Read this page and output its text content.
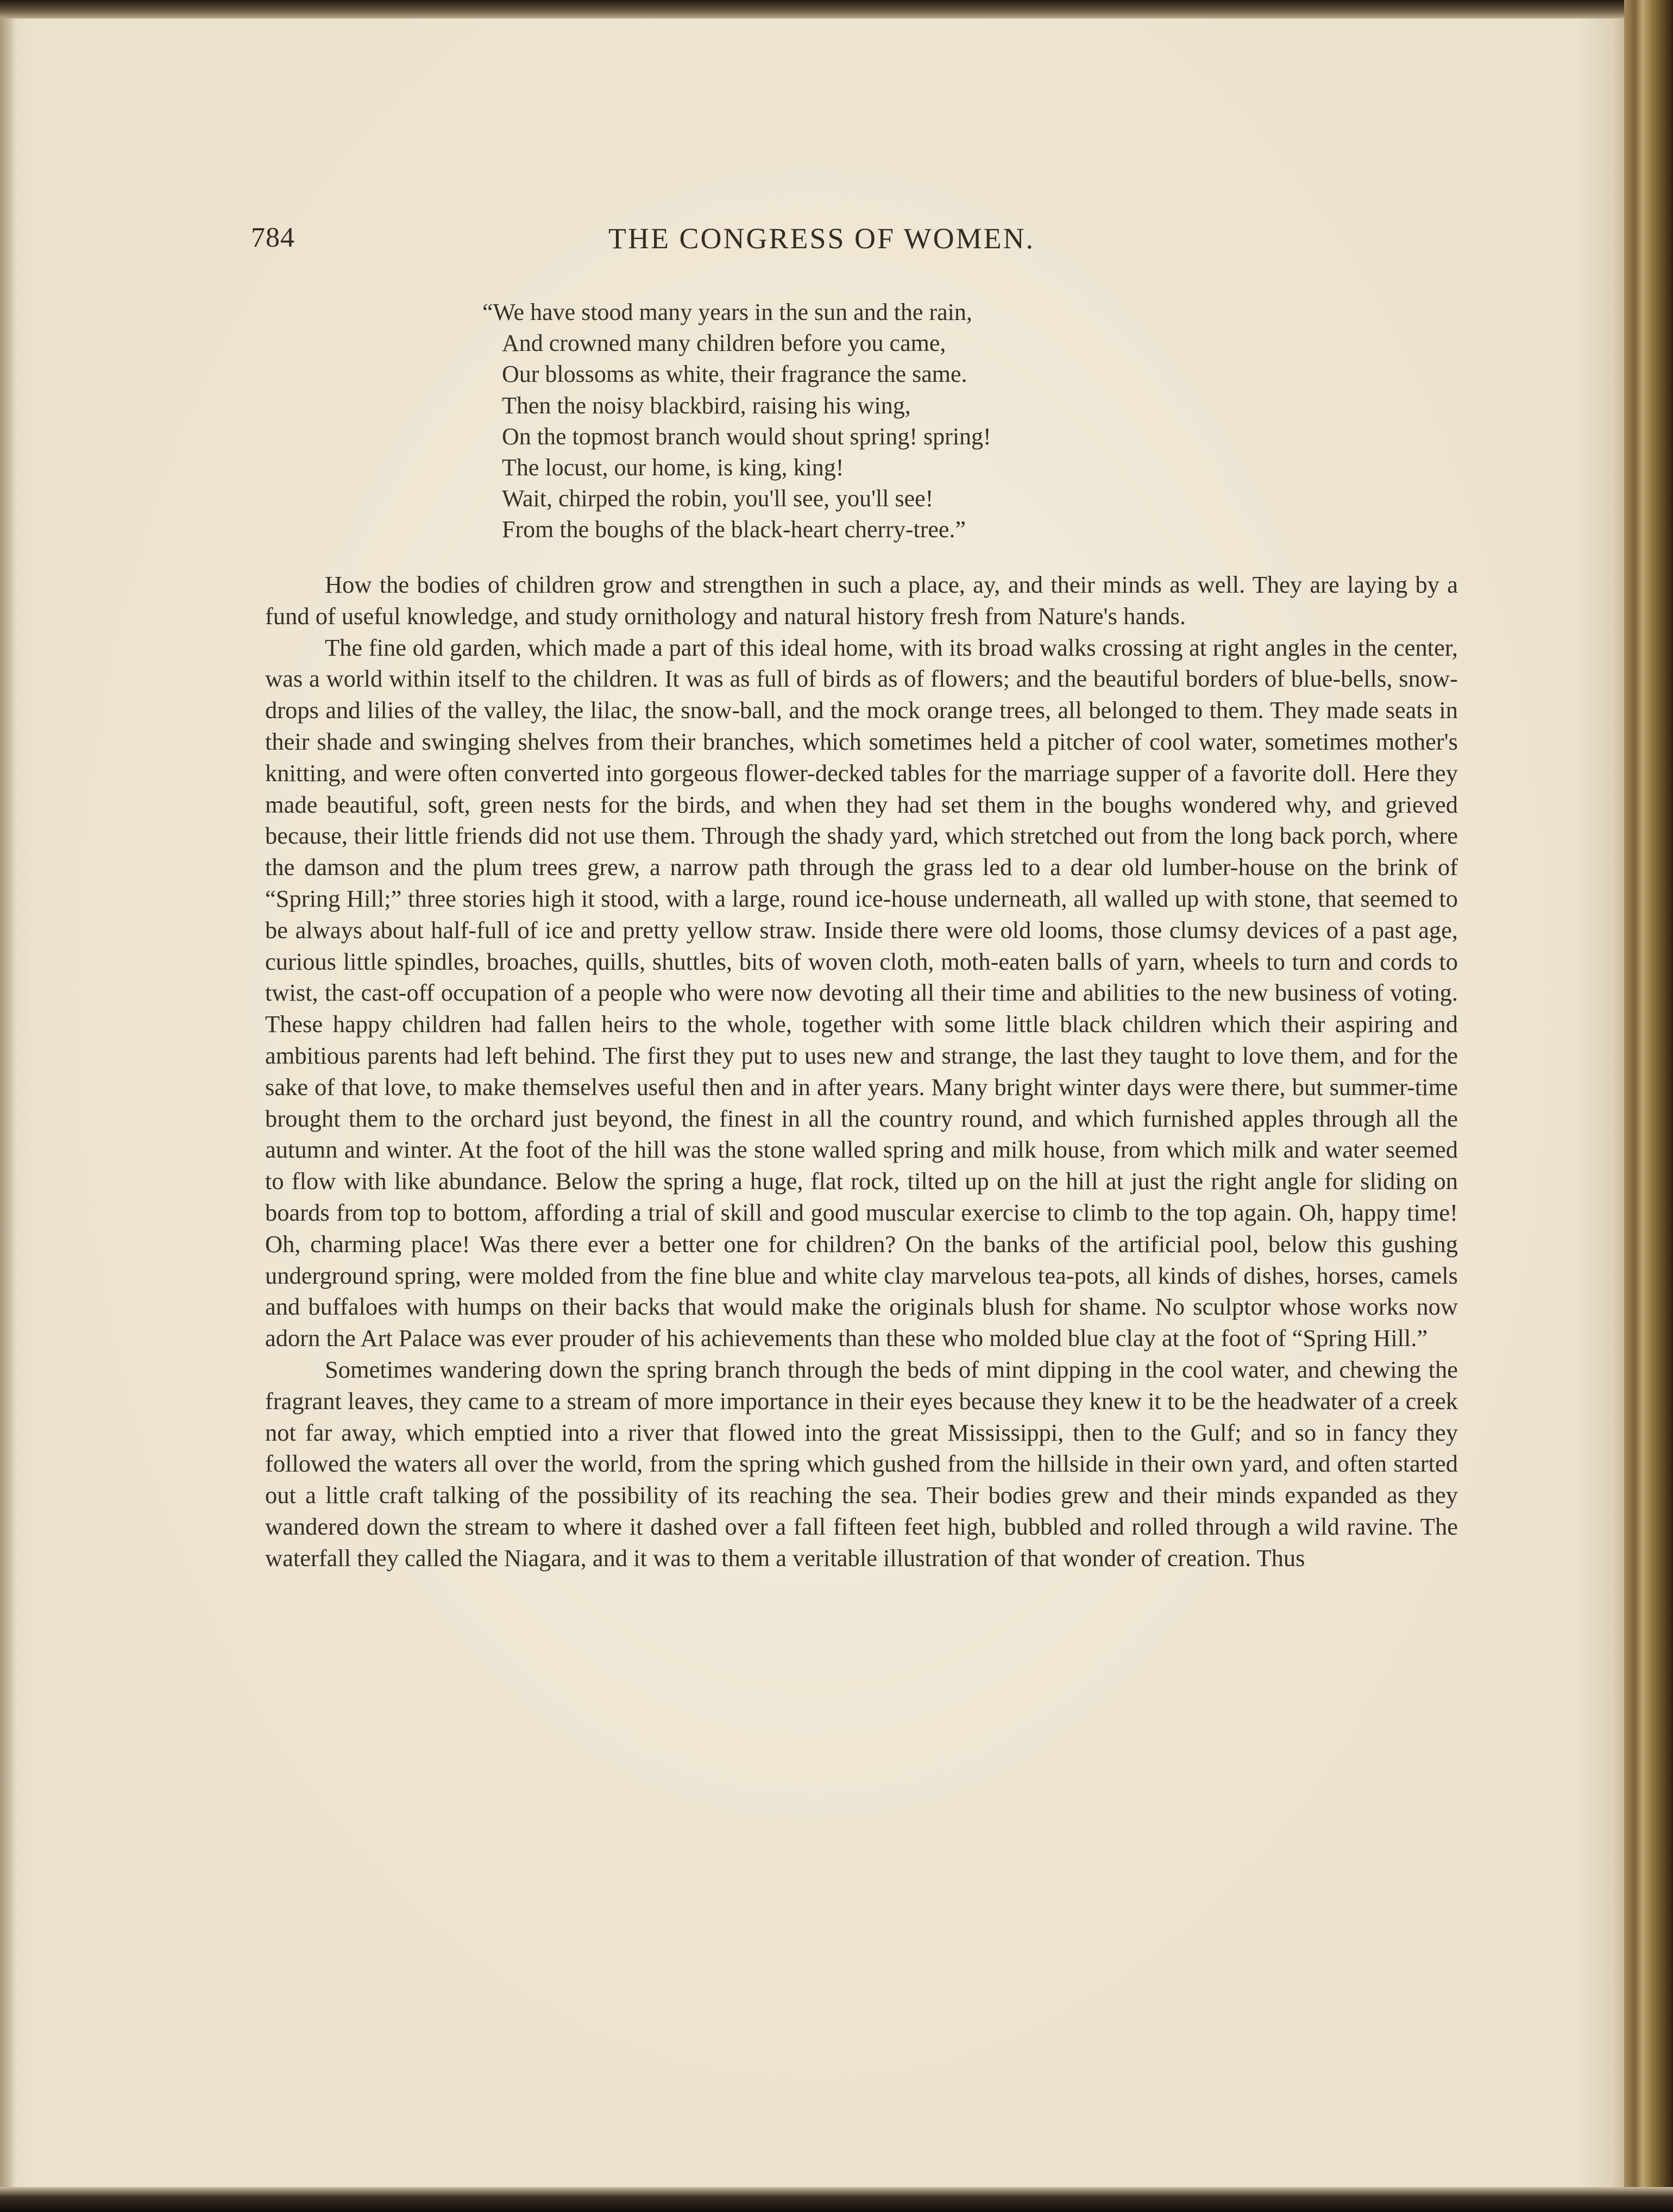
784	THE CONGRESS OF WOMEN.
“We have stood many years in the sun and the rain,
And crowned many children before you came,
Our blossoms as white, their fragrance the same.
Then the noisy blackbird, raising his wing,
On the topmost branch would shout spring! spring!
The locust, our home, is king, king!
Wait, chirped the robin, you'll see, you'll see!
From the boughs of the black-heart cherry-tree.”

How the bodies of children grow and strengthen in such a place, ay, and their minds as well. They are laying by a fund of useful knowledge, and study ornithology and natural history fresh from Nature's hands.

The fine old garden, which made a part of this ideal home, with its broad walks crossing at right angles in the center, was a world within itself to the children. It was as full of birds as of flowers; and the beautiful borders of blue-bells, snow-drops and lilies of the valley, the lilac, the snow-ball, and the mock orange trees, all belonged to them. They made seats in their shade and swinging shelves from their branches, which sometimes held a pitcher of cool water, sometimes mother's knitting, and were often converted into gorgeous flower-decked tables for the marriage supper of a favorite doll. Here they made beautiful, soft, green nests for the birds, and when they had set them in the boughs wondered why, and grieved because, their little friends did not use them. Through the shady yard, which stretched out from the long back porch, where the damson and the plum trees grew, a narrow path through the grass led to a dear old lumber-house on the brink of “Spring Hill;” three stories high it stood, with a large, round ice-house underneath, all walled up with stone, that seemed to be always about half-full of ice and pretty yellow straw. Inside there were old looms, those clumsy devices of a past age, curious little spindles, broaches, quills, shuttles, bits of woven cloth, moth-eaten balls of yarn, wheels to turn and cords to twist, the cast-off occupation of a people who were now devoting all their time and abilities to the new business of voting. These happy children had fallen heirs to the whole, together with some little black children which their aspiring and ambitious parents had left behind. The first they put to uses new and strange, the last they taught to love them, and for the sake of that love, to make themselves useful then and in after years. Many bright winter days were there, but summer-time brought them to the orchard just beyond, the finest in all the country round, and which furnished apples through all the autumn and winter. At the foot of the hill was the stone walled spring and milk house, from which milk and water seemed to flow with like abundance. Below the spring a huge, flat rock, tilted up on the hill at just the right angle for sliding on boards from top to bottom, affording a trial of skill and good muscular exercise to climb to the top again. Oh, happy time! Oh, charming place! Was there ever a better one for children? On the banks of the artificial pool, below this gushing underground spring, were molded from the fine blue and white clay marvelous tea-pots, all kinds of dishes, horses, camels and buffaloes with humps on their backs that would make the originals blush for shame. No sculptor whose works now adorn the Art Palace was ever prouder of his achievements than these who molded blue clay at the foot of “Spring Hill.”

Sometimes wandering down the spring branch through the beds of mint dipping in the cool water, and chewing the fragrant leaves, they came to a stream of more importance in their eyes because they knew it to be the headwater of a creek not far away, which emptied into a river that flowed into the great Mississippi, then to the Gulf; and so in fancy they followed the waters all over the world, from the spring which gushed from the hillside in their own yard, and often started out a little craft talking of the possibility of its reaching the sea. Their bodies grew and their minds expanded as they wandered down the stream to where it dashed over a fall fifteen feet high, bubbled and rolled through a wild ravine. The waterfall they called the Niagara, and it was to them a veritable illustration of that wonder of creation. Thus
